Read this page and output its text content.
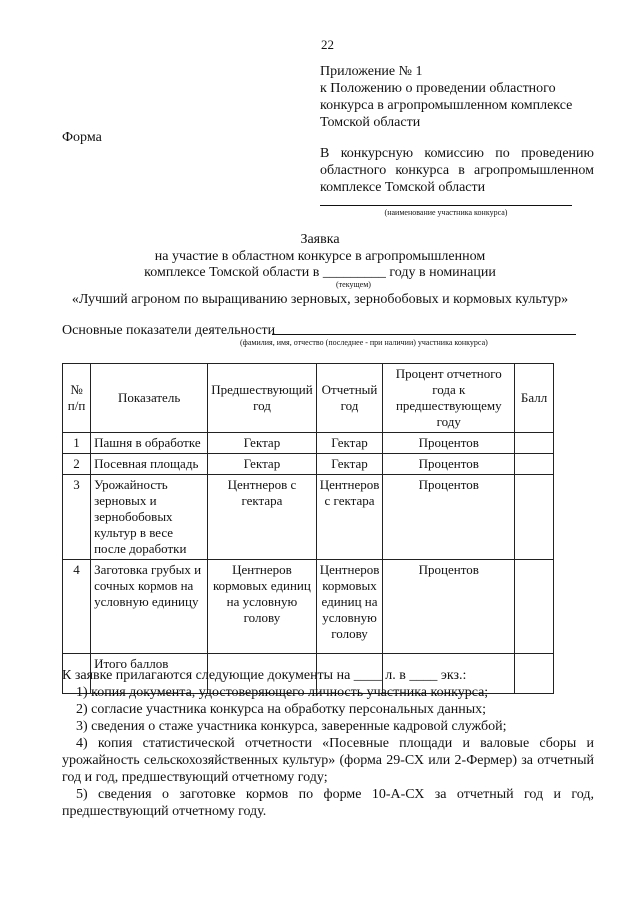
22
Приложение № 1
к Положению о проведении областного
конкурса в агропромышленном комплексе
Томской области
Форма
В конкурсную комиссию по проведению
областного конкурса в агропромышленном
комплексе Томской области
(наименование участника конкурса)
Заявка
на участие в областном конкурсе в агропромышленном
комплексе Томской области в _________ году в номинации
(текущем)
«Лучший агроном по выращиванию зерновых, зернобобовых и кормовых культур»
Основные показатели деятельности
(фамилия, имя, отчество (последнее - при наличии) участника конкурса)
№ п/п	Показатель	Предшествующий год	Отчетный год	Процент отчетного года к предшествующему году	Балл
1	Пашня в обработке	Гектар	Гектар	Процентов	
2	Посевная площадь	Гектар	Гектар	Процентов	
3	Урожайность зерновых и зернобобовых культур в весе после доработки	Центнеров с гектара	Центнеров с гектара	Процентов	
4	Заготовка грубых и сочных кормов на условную единицу	Центнеров кормовых единиц на условную голову	Центнеров кормовых единиц на условную голову	Процентов	
	Итого баллов				
К заявке прилагаются следующие документы на ____ л. в ____ экз.:
1) копия документа, удостоверяющего личность участника конкурса;
2) согласие участника конкурса на обработку персональных данных;
3) сведения о стаже участника конкурса, заверенные кадровой службой;
4) копия статистической отчетности «Посевные площади и валовые сборы и урожайность сельскохозяйственных культур» (форма 29-СХ или 2-Фермер) за отчетный год и год, предшествующий отчетному году;
5) сведения о заготовке кормов по форме 10-А-СХ за отчетный год и год, предшествующий отчетному году.
